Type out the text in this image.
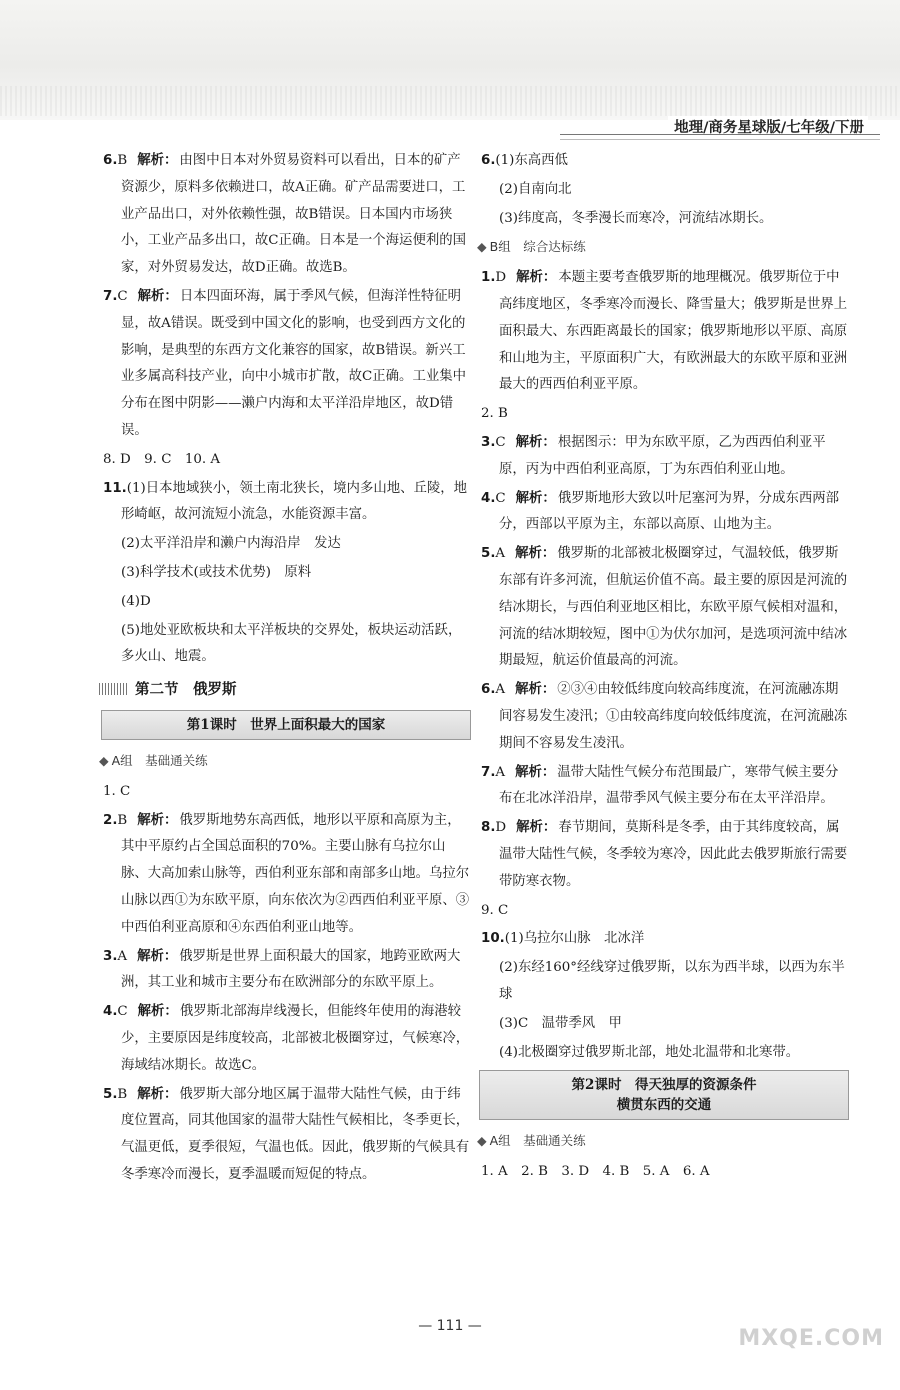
地理/商务星球版/七年级/下册
6.B 解析： 由图中日本对外贸易资料可以看出，日本的矿产资源少，原料多依赖进口，故A正确。矿产品需要进口，工业产品出口，对外依赖性强，故B错误。日本国内市场狭小，工业产品多出口，故C正确。日本是一个海运便利的国家，对外贸易发达，故D正确。故选B。
7.C 解析： 日本四面环海，属于季风气候，但海洋性特征明显，故A错误。既受到中国文化的影响，也受到西方文化的影响，是典型的东西方文化兼容的国家，故B错误。新兴工业多属高科技产业，向中小城市扩散，故C正确。工业集中分布在图中阴影——濑户内海和太平洋沿岸地区，故D错误。
8. D　9. C　10. A
11.(1)日本地域狭小，领土南北狭长，境内多山地、丘陵，地形崎岖，故河流短小流急，水能资源丰富。
(2)太平洋沿岸和濑户内海沿岸　发达
(3)科学技术(或技术优势)　原料
(4)D
(5)地处亚欧板块和太平洋板块的交界处，板块运动活跃，多火山、地震。
第二节　俄罗斯
第1课时　世界上面积最大的国家
◆ A组　基础通关练
1. C
2.B 解析： 俄罗斯地势东高西低，地形以平原和高原为主，其中平原约占全国总面积的70%。主要山脉有乌拉尔山脉、大高加索山脉等，西伯利亚东部和南部多山地。乌拉尔山脉以西①为东欧平原，向东依次为②西西伯利亚平原、③中西伯利亚高原和④东西伯利亚山地等。
3.A 解析： 俄罗斯是世界上面积最大的国家，地跨亚欧两大洲，其工业和城市主要分布在欧洲部分的东欧平原上。
4.C 解析： 俄罗斯北部海岸线漫长，但能终年使用的海港较少，主要原因是纬度较高，北部被北极圈穿过，气候寒冷，海域结冰期长。故选C。
5.B 解析： 俄罗斯大部分地区属于温带大陆性气候，由于纬度位置高，同其他国家的温带大陆性气候相比，冬季更长，气温更低，夏季很短，气温也低。因此，俄罗斯的气候具有冬季寒冷而漫长，夏季温暖而短促的特点。
6.(1)东高西低
(2)自南向北
(3)纬度高，冬季漫长而寒冷，河流结冰期长。
◆ B组　综合达标练
1.D 解析： 本题主要考查俄罗斯的地理概况。俄罗斯位于中高纬度地区，冬季寒冷而漫长、降雪量大；俄罗斯是世界上面积最大、东西距离最长的国家；俄罗斯地形以平原、高原和山地为主，平原面积广大，有欧洲最大的东欧平原和亚洲最大的西西伯利亚平原。
2. B
3.C 解析： 根据图示：甲为东欧平原，乙为西西伯利亚平原，丙为中西伯利亚高原，丁为东西伯利亚山地。
4.C 解析： 俄罗斯地形大致以叶尼塞河为界，分成东西两部分，西部以平原为主，东部以高原、山地为主。
5.A 解析： 俄罗斯的北部被北极圈穿过，气温较低，俄罗斯东部有许多河流，但航运价值不高。最主要的原因是河流的结冰期长，与西伯利亚地区相比，东欧平原气候相对温和，河流的结冰期较短，图中①为伏尔加河，是选项河流中结冰期最短，航运价值最高的河流。
6.A 解析： ②③④由较低纬度向较高纬度流，在河流融冻期间容易发生凌汛；①由较高纬度向较低纬度流，在河流融冻期间不容易发生凌汛。
7.A 解析： 温带大陆性气候分布范围最广，寒带气候主要分布在北冰洋沿岸，温带季风气候主要分布在太平洋沿岸。
8.D 解析： 春节期间，莫斯科是冬季，由于其纬度较高，属温带大陆性气候，冬季较为寒冷，因此此去俄罗斯旅行需要带防寒衣物。
9. C
10.(1)乌拉尔山脉　北冰洋
(2)东经160°经线穿过俄罗斯，以东为西半球，以西为东半球
(3)C　温带季风　甲
(4)北极圈穿过俄罗斯北部，地处北温带和北寒带。
第2课时　得天独厚的资源条件
横贯东西的交通
◆ A组　基础通关练
1. A　2. B　3. D　4. B　5. A　6. A
— 111 —	MXQE.COM
